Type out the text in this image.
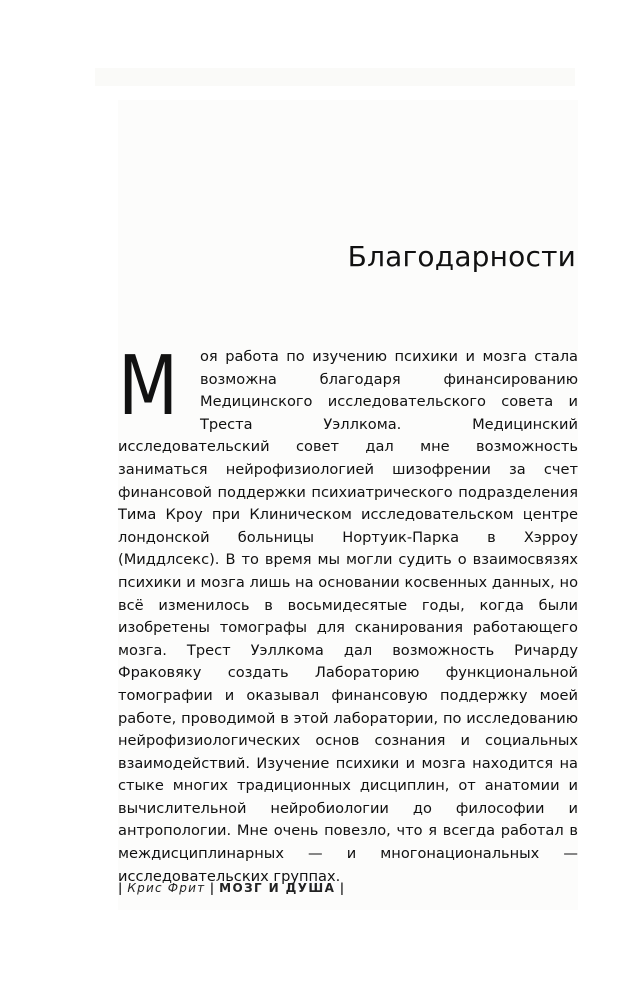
Благодарности

М оя работа по изучению психики и мозга стала возможна благодаря финансированию Медицинского исследовательского совета и Треста Уэллкома. Медицинский исследовательский совет дал мне возможность заниматься нейрофизиологией шизофрении за счет финансовой поддержки психиатрического подразделения Тима Кроу при Клиническом исследовательском центре лондонской больницы Нортуик-Парка в Хэрроу (Миддлсекс). В то время мы могли судить о взаимосвязях психики и мозга лишь на основании косвенных данных, но всё изменилось в восьмидесятые годы, когда были изобретены томографы для сканирования работающего мозга. Трест Уэллкома дал возможность Ричарду Фраковяку создать Лабораторию функциональной томографии и оказывал финансовую поддержку моей работе, проводимой в этой лаборатории, по исследованию нейрофизиологических основ сознания и социальных взаимодействий. Изучение психики и мозга находится на стыке многих традиционных дисциплин, от анатомии и вычислительной нейробиологии до философии и антропологии. Мне очень повезло, что я всегда работал в междисциплинарных — и многонациональных — исследовательских группах.

| Крис Фрит | МОЗГ И ДУША |
